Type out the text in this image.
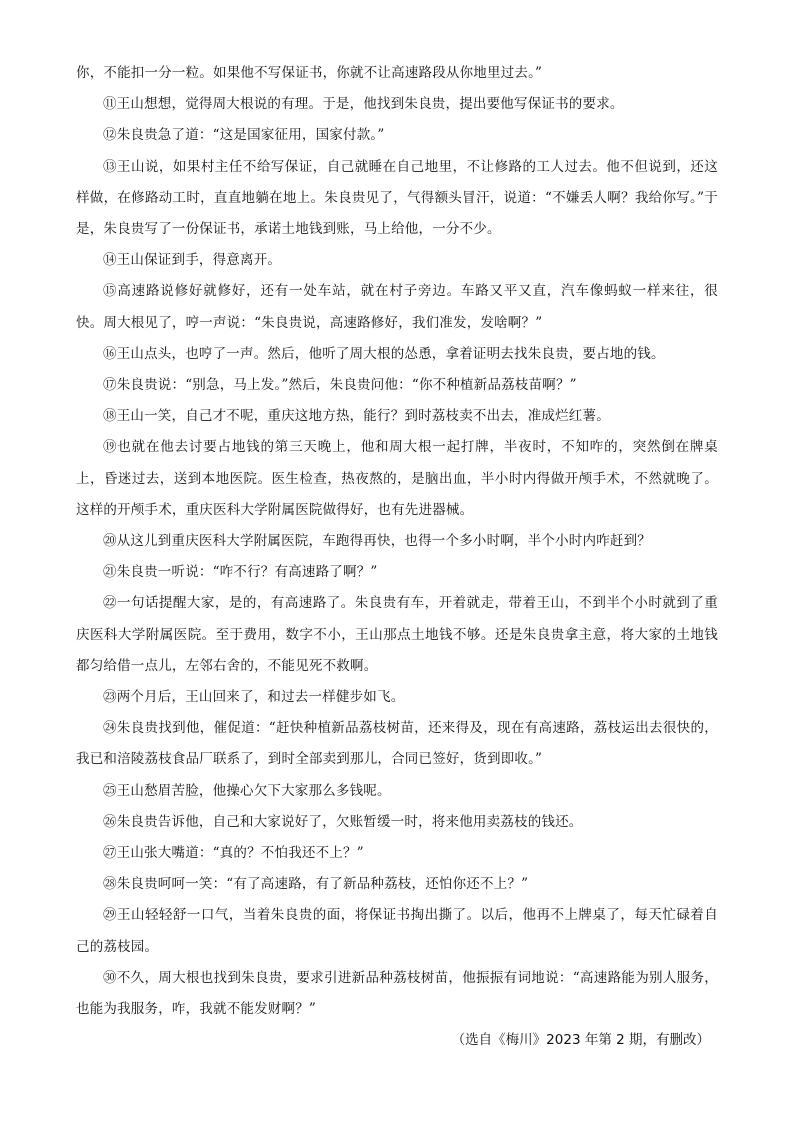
你，不能扣一分一粒。如果他不写保证书，你就不让高速路段从你地里过去。”

⑪王山想想，觉得周大根说的有理。于是，他找到朱良贵，提出要他写保证书的要求。

⑫朱良贵急了道：“这是国家征用，国家付款。”

⑬王山说，如果村主任不给写保证，自己就睡在自己地里，不让修路的工人过去。他不但说到，还这样做，在修路动工时，直直地躺在地上。朱良贵见了，气得额头冒汗，说道：“不嫌丢人啊？我给你写。”于是，朱良贵写了一份保证书，承诺土地钱到账，马上给他，一分不少。

⑭王山保证到手，得意离开。

⑮高速路说修好就修好，还有一处车站，就在村子旁边。车路又平又直，汽车像蚂蚁一样来往，很快。周大根见了，哼一声说：“朱良贵说，高速路修好，我们准发，发啥啊？”

⑯王山点头，也哼了一声。然后，他听了周大根的怂恿，拿着证明去找朱良贵，要占地的钱。

⑰朱良贵说：“别急，马上发。”然后，朱良贵问他：“你不种植新品荔枝苗啊？”

⑱王山一笑，自己才不呢，重庆这地方热，能行？到时荔枝卖不出去，准成烂红薯。

⑲也就在他去讨要占地钱的第三天晚上，他和周大根一起打牌，半夜时，不知咋的，突然倒在牌桌上，昏迷过去，送到本地医院。医生检查，热夜熬的，是脑出血，半小时内得做开颅手术，不然就晚了。这样的开颅手术，重庆医科大学附属医院做得好，也有先进器械。

⑳从这儿到重庆医科大学附属医院，车跑得再快，也得一个多小时啊，半个小时内咋赶到？

㉑朱良贵一听说：“咋不行？有高速路了啊？”

㉒一句话提醒大家，是的，有高速路了。朱良贵有车，开着就走，带着王山，不到半个小时就到了重庆医科大学附属医院。至于费用，数字不小，王山那点土地钱不够。还是朱良贵拿主意，将大家的土地钱都匀给借一点儿，左邻右舍的，不能见死不救啊。

㉓两个月后，王山回来了，和过去一样健步如飞。

㉔朱良贵找到他，催促道：“赶快种植新品荔枝树苗，还来得及，现在有高速路，荔枝运出去很快的，我已和涪陵荔枝食品厂联系了，到时全部卖到那儿，合同已签好，货到即收。”

㉕王山愁眉苦脸，他操心欠下大家那么多钱呢。

㉖朱良贵告诉他，自己和大家说好了，欠账暂缓一时，将来他用卖荔枝的钱还。

㉗王山张大嘴道：“真的？不怕我还不上？”

㉘朱良贵呵呵一笑：“有了高速路，有了新品种荔枝，还怕你还不上？”

㉙王山轻轻舒一口气，当着朱良贵的面，将保证书掏出撕了。以后，他再不上牌桌了，每天忙碌着自己的荔枝园。

㉚不久，周大根也找到朱良贵，要求引进新品种荔枝树苗，他振振有词地说：“高速路能为别人服务，也能为我服务，咋，我就不能发财啊？”

（选自《梅川》2023 年第 2 期，有删改）
